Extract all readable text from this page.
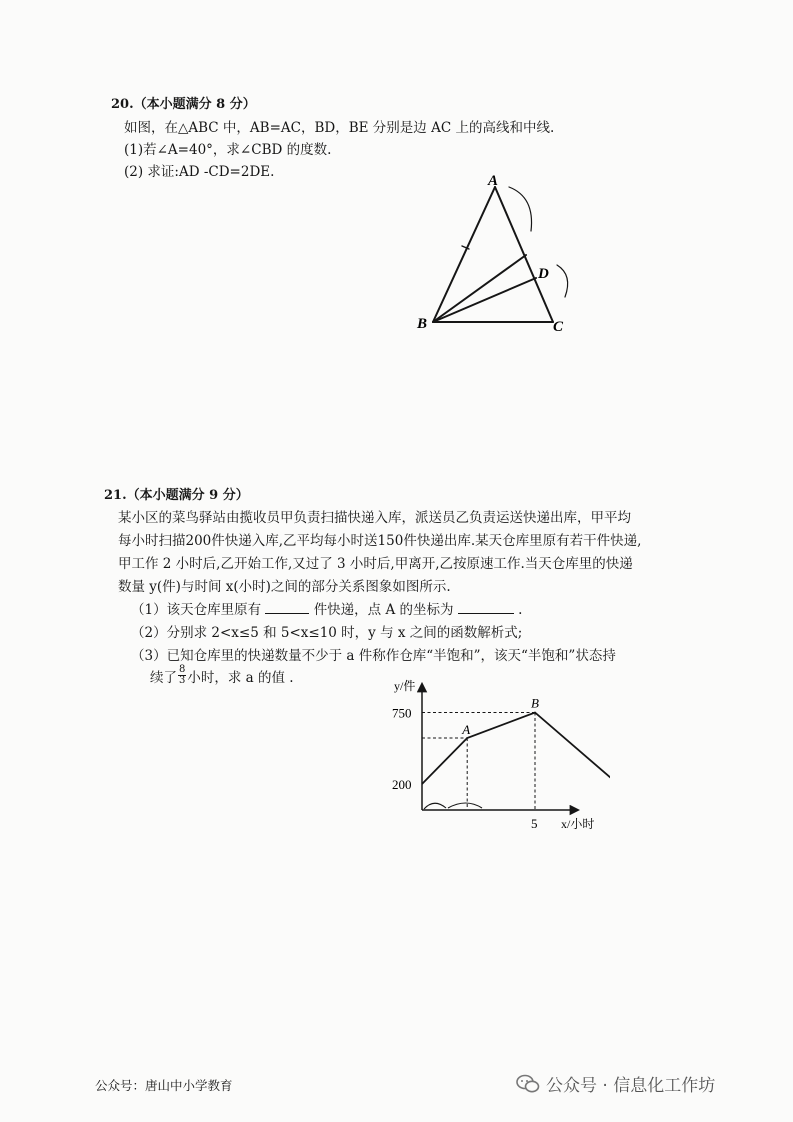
20.（本小题满分 8 分）
如图，在△ABC 中，AB=AC，BD，BE 分别是边 AC 上的高线和中线.
(1)若∠A=40°，求∠CBD 的度数.
(2) 求证:AD -CD=2DE.
A
B	C
D
21.（本小题满分 9 分）
某小区的菜鸟驿站由揽收员甲负责扫描快递入库，派送员乙负责运送快递出库，甲平均
每小时扫描200件快递入库,乙平均每小时送150件快递出库.某天仓库里原有若干件快递,
甲工作 2 小时后,乙开始工作,又过了 3 小时后,甲离开,乙按原速工作.当天仓库里的快递
数量 y(件)与时间 x(小时)之间的部分关系图象如图所示.
（1）该天仓库里原有	件快递，点 A 的坐标为	.
（2）分别求 2<x≤5 和 5<x≤10 时，y 与 x 之间的函数解析式;
（3）已知仓库里的快递数量不少于 a 件称作仓库“半饱和”，该天“半饱和”状态持
续了 $\frac{8}{3}$ 小时，求 a 的值 .
y/件
x/小时
750
200
5
A
B
公众号：唐山中小学教育	公众号 · 信息化工作坊
